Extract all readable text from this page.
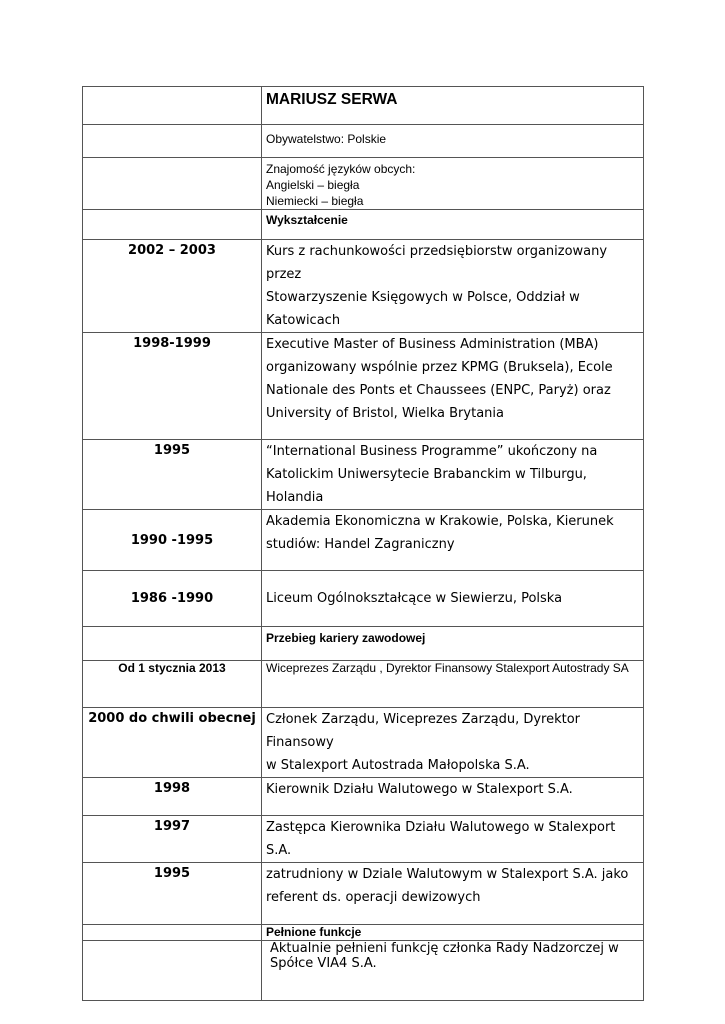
	MARIUSZ SERWA
	Obywatelstwo: Polskie

	Znajomość języków obcych:
Angielski – biegła
Niemiecki – biegła

	Wykształcenie
2002 – 2003	Kurs z rachunkowości przedsiębiorstw organizowany przez

Stowarzyszenie Księgowych w Polsce, Oddział w Katowicach

1998-1999	Executive Master of Business Administration (MBA)

organizowany wspólnie przez KPMG (Bruksela), Ecole

Nationale des Ponts et Chaussees (ENPC, Paryż) oraz

University of Bristol, Wielka Brytania

1995	“International Business Programme” ukończony na

Katolickim Uniwersytecie Brabanckim w Tilburgu, Holandia

1990 -1995	Akademia Ekonomiczna w Krakowie, Polska, Kierunek

studiów: Handel Zagraniczny

1986 -1990	Liceum Ogólnokształcące w Siewierzu, Polska

	Przebieg kariery zawodowej
Od 1 stycznia 2013	Wiceprezes Zarządu , Dyrektor Finansowy Stalexport Autostrady SA
2000 do chwili obecnej	Członek Zarządu, Wiceprezes Zarządu, Dyrektor Finansowy

w Stalexport Autostrada Małopolska S.A.

1998	Kierownik Działu Walutowego w Stalexport S.A.

1997	Zastępca Kierownika Działu Walutowego w Stalexport S.A.

1995	zatrudniony w Dziale Walutowym w Stalexport S.A. jako

referent ds. operacji dewizowych

	Pełnione funkcje

	Aktualnie pełnieni funkcję członka Rady Nadzorczej w
Spółce VIA4 S.A.
